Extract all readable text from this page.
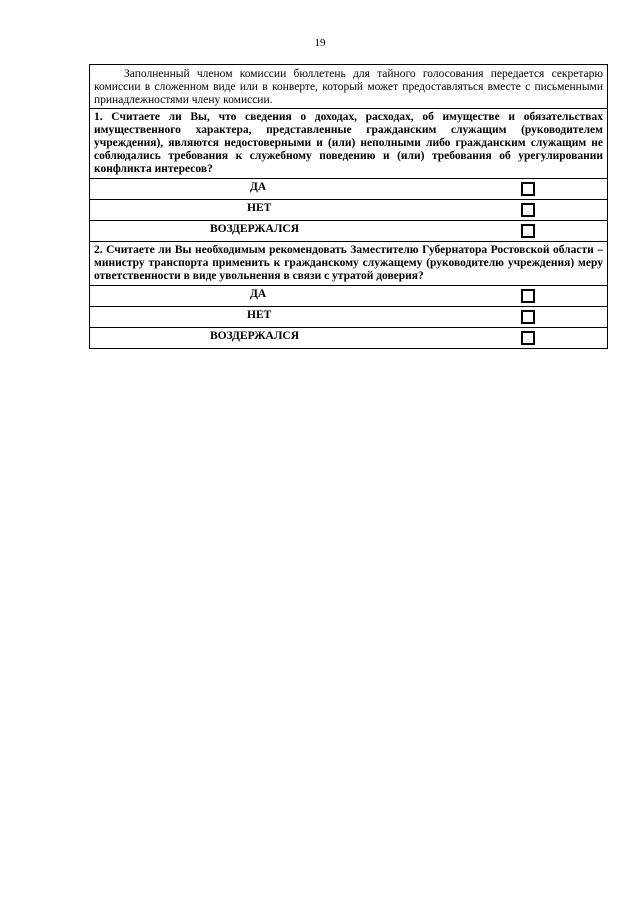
19
Заполненный членом комиссии бюллетень для тайного голосования передается секретарю комиссии в сложенном виде или в конверте, который может предоставляться вместе с письменными принадлежностями члену комиссии.
1. Считаете ли Вы, что сведения о доходах, расходах, об имуществе и обязательствах имущественного характера, представленные гражданским служащим (руководителем учреждения), являются недостоверными и (или) неполными либо гражданским служащим не соблюдались требования к служебному поведению и (или) требования об урегулировании конфликта интересов?

ДА

НЕТ

ВОЗДЕРЖАЛСЯ

2. Считаете ли Вы необходимым рекомендовать Заместителю Губернатора Ростовской области – министру транспорта применить к гражданскому служащему (руководителю учреждения) меру ответственности в виде увольнения в связи с утратой доверия?

ДА

НЕТ

ВОЗДЕРЖАЛСЯ
